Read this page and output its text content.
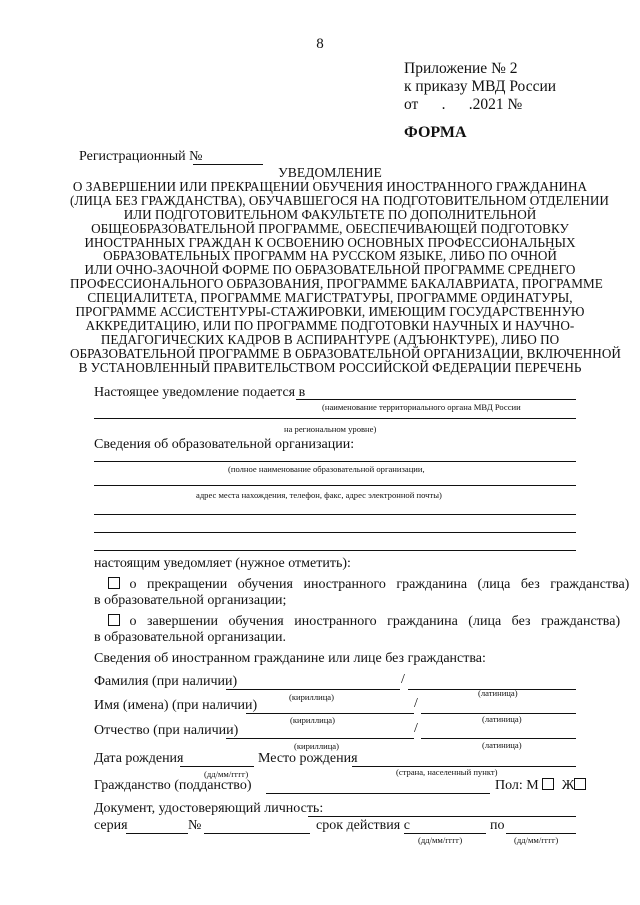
8
Приложение № 2
к приказу МВД России
от      .      .2021 №
ФОРМА
Регистрационный №
УВЕДОМЛЕНИЕ
О ЗАВЕРШЕНИИ ИЛИ ПРЕКРАЩЕНИИ ОБУЧЕНИЯ ИНОСТРАННОГО ГРАЖДАНИНА
(ЛИЦА БЕЗ ГРАЖДАНСТВА), ОБУЧАВШЕГОСЯ НА ПОДГОТОВИТЕЛЬНОМ ОТДЕЛЕНИИ
ИЛИ ПОДГОТОВИТЕЛЬНОМ ФАКУЛЬТЕТЕ ПО ДОПОЛНИТЕЛЬНОЙ
ОБЩЕОБРАЗОВАТЕЛЬНОЙ ПРОГРАММЕ, ОБЕСПЕЧИВАЮЩЕЙ ПОДГОТОВКУ
ИНОСТРАННЫХ ГРАЖДАН К ОСВОЕНИЮ ОСНОВНЫХ ПРОФЕССИОНАЛЬНЫХ
ОБРАЗОВАТЕЛЬНЫХ ПРОГРАММ НА РУССКОМ ЯЗЫКЕ, ЛИБО ПО ОЧНОЙ
ИЛИ ОЧНО-ЗАОЧНОЙ ФОРМЕ ПО ОБРАЗОВАТЕЛЬНОЙ ПРОГРАММЕ СРЕДНЕГО
ПРОФЕССИОНАЛЬНОГО ОБРАЗОВАНИЯ, ПРОГРАММЕ БАКАЛАВРИАТА, ПРОГРАММЕ
СПЕЦИАЛИТЕТА, ПРОГРАММЕ МАГИСТРАТУРЫ, ПРОГРАММЕ ОРДИНАТУРЫ,
ПРОГРАММЕ АССИСТЕНТУРЫ-СТАЖИРОВКИ, ИМЕЮЩИМ ГОСУДАРСТВЕННУЮ
АККРЕДИТАЦИЮ, ИЛИ ПО ПРОГРАММЕ ПОДГОТОВКИ НАУЧНЫХ И НАУЧНО-
ПЕДАГОГИЧЕСКИХ КАДРОВ В АСПИРАНТУРЕ (АДЪЮНКТУРЕ), ЛИБО ПО
ОБРАЗОВАТЕЛЬНОЙ ПРОГРАММЕ В ОБРАЗОВАТЕЛЬНОЙ ОРГАНИЗАЦИИ, ВКЛЮЧЕННОЙ
В УСТАНОВЛЕННЫЙ ПРАВИТЕЛЬСТВОМ РОССИЙСКОЙ ФЕДЕРАЦИИ ПЕРЕЧЕНЬ
Настоящее уведомление подается в
(наименование территориального органа МВД России
на региональном уровне)
Сведения об образовательной организации:
(полное наименование образовательной организации,
адрес места нахождения, телефон, факс, адрес электронной почты)
настоящим уведомляет (нужное отметить):
о   прекращении   обучения   иностранного   гражданина   (лица   без   гражданства)
в образовательной организации;
о   завершении   обучения   иностранного   гражданина   (лица   без   гражданства)
в образовательной организации.
Сведения об иностранном гражданине или лице без гражданства:
Фамилия (при наличии)	/
(кириллица)	(латиница)
Имя (имена) (при наличии)	/
(кириллица)	(латиница)
Отчество (при наличии)	/
(кириллица)	(латиница)
Дата рождения	Место рождения
(дд/мм/гггг)	(страна, населенный пункт)
Гражданство (подданство)	Пол: М Ж
Документ, удостоверяющий личность:
серия	№	срок действия с	по
(дд/мм/гггг)	(дд/мм/гггг)
